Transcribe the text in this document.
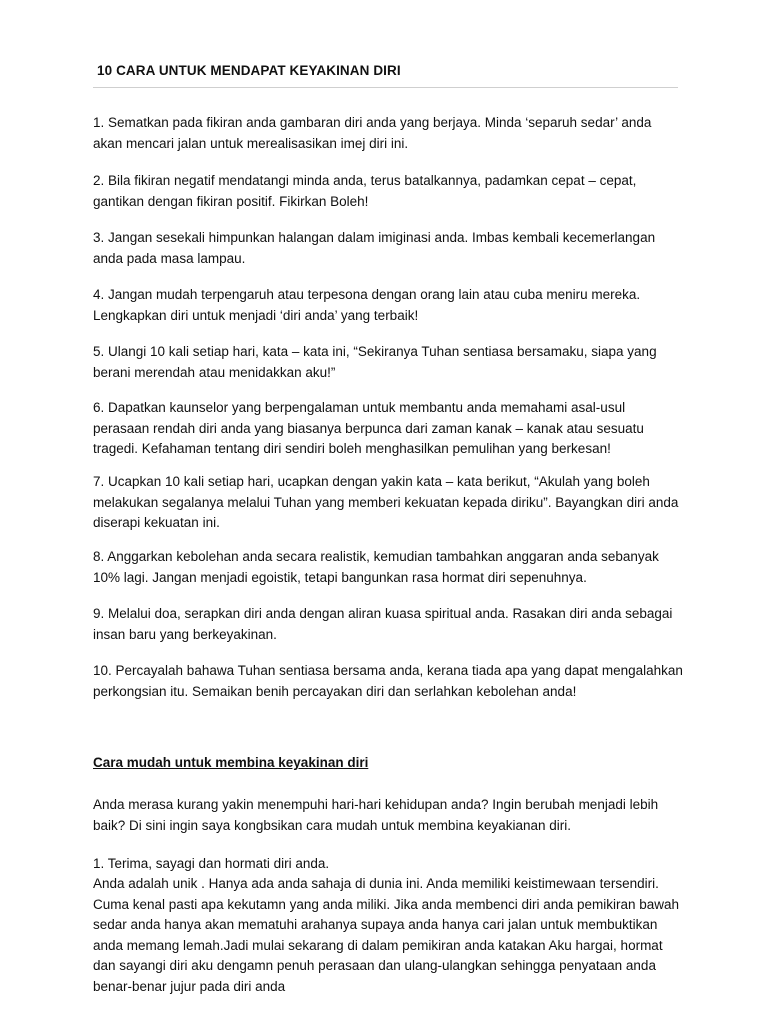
10 CARA UNTUK MENDAPAT KEYAKINAN DIRI

1. Sematkan pada fikiran anda gambaran diri anda yang berjaya. Minda ‘separuh sedar’ anda akan mencari jalan untuk merealisasikan imej diri ini.

2. Bila fikiran negatif mendatangi minda anda, terus batalkannya, padamkan cepat – cepat, gantikan dengan fikiran positif. Fikirkan Boleh!

3. Jangan sesekali himpunkan halangan dalam imiginasi anda. Imbas kembali kecemerlangan anda pada masa lampau.

4. Jangan mudah terpengaruh atau terpesona dengan orang lain atau cuba meniru mereka. Lengkapkan diri untuk menjadi ‘diri anda’ yang terbaik!

5. Ulangi 10 kali setiap hari, kata – kata ini, “Sekiranya Tuhan sentiasa bersamaku, siapa yang berani merendah atau menidakkan aku!”

6. Dapatkan kaunselor yang berpengalaman untuk membantu anda memahami asal-usul perasaan rendah diri anda yang biasanya berpunca dari zaman kanak – kanak atau sesuatu tragedi. Kefahaman tentang diri sendiri boleh menghasilkan pemulihan yang berkesan!

7. Ucapkan 10 kali setiap hari, ucapkan dengan yakin kata – kata berikut, “Akulah yang boleh melakukan segalanya melalui Tuhan yang memberi kekuatan kepada diriku”. Bayangkan diri anda diserapi kekuatan ini.

8. Anggarkan kebolehan anda secara realistik, kemudian tambahkan anggaran anda sebanyak 10% lagi. Jangan menjadi egoistik, tetapi bangunkan rasa hormat diri sepenuhnya.

9. Melalui doa, serapkan diri anda dengan aliran kuasa spiritual anda. Rasakan diri anda sebagai insan baru yang berkeyakinan.

10. Percayalah bahawa Tuhan sentiasa bersama anda, kerana tiada apa yang dapat mengalahkan perkongsian itu. Semaikan benih percayakan diri dan serlahkan kebolehan anda!

Cara mudah untuk membina keyakinan diri

Anda merasa kurang yakin menempuhi hari-hari kehidupan anda? Ingin berubah menjadi lebih baik? Di sini ingin saya kongbsikan cara mudah untuk membina keyakianan diri.

1. Terima, sayagi dan hormati diri anda.

Anda adalah unik . Hanya ada anda sahaja di dunia ini. Anda memiliki keistimewaan tersendiri. Cuma kenal pasti apa kekutamn yang anda miliki. Jika anda membenci diri anda pemikiran bawah sedar anda hanya akan mematuhi arahanya supaya anda hanya cari jalan untuk membuktikan anda memang lemah.Jadi mulai sekarang di dalam pemikiran anda katakan Aku hargai, hormat dan sayangi diri aku dengamn penuh perasaan dan ulang-ulangkan sehingga penyataan anda benar-benar jujur pada diri anda
